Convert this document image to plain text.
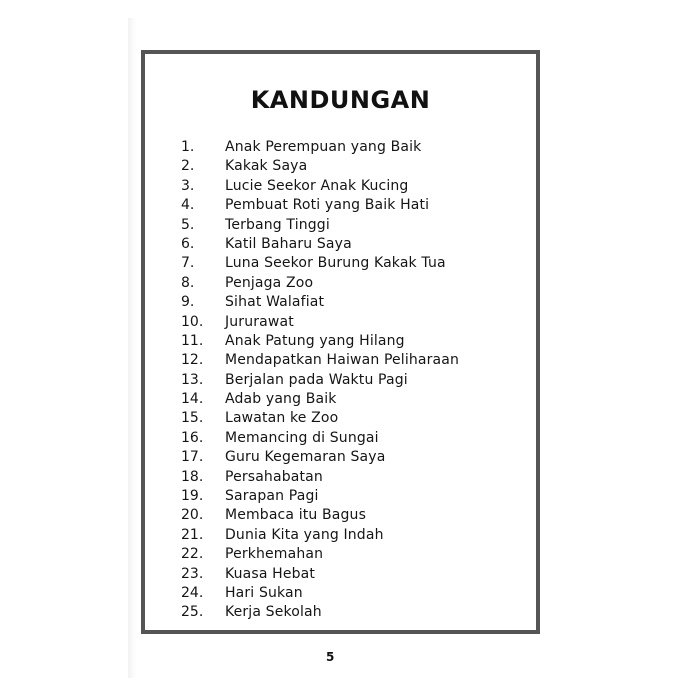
KANDUNGAN
1.	Anak Perempuan yang Baik
2.	Kakak Saya
3.	Lucie Seekor Anak Kucing
4.	Pembuat Roti yang Baik Hati
5.	Terbang Tinggi
6.	Katil Baharu Saya
7.	Luna Seekor Burung Kakak Tua
8.	Penjaga Zoo
9.	Sihat Walafiat
10.	Jururawat
11.	Anak Patung yang Hilang
12.	Mendapatkan Haiwan Peliharaan
13.	Berjalan pada Waktu Pagi
14.	Adab yang Baik
15.	Lawatan ke Zoo
16.	Memancing di Sungai
17.	Guru Kegemaran Saya
18.	Persahabatan
19.	Sarapan Pagi
20.	Membaca itu Bagus
21.	Dunia Kita yang Indah
22.	Perkhemahan
23.	Kuasa Hebat
24.	Hari Sukan
25.	Kerja Sekolah
5
